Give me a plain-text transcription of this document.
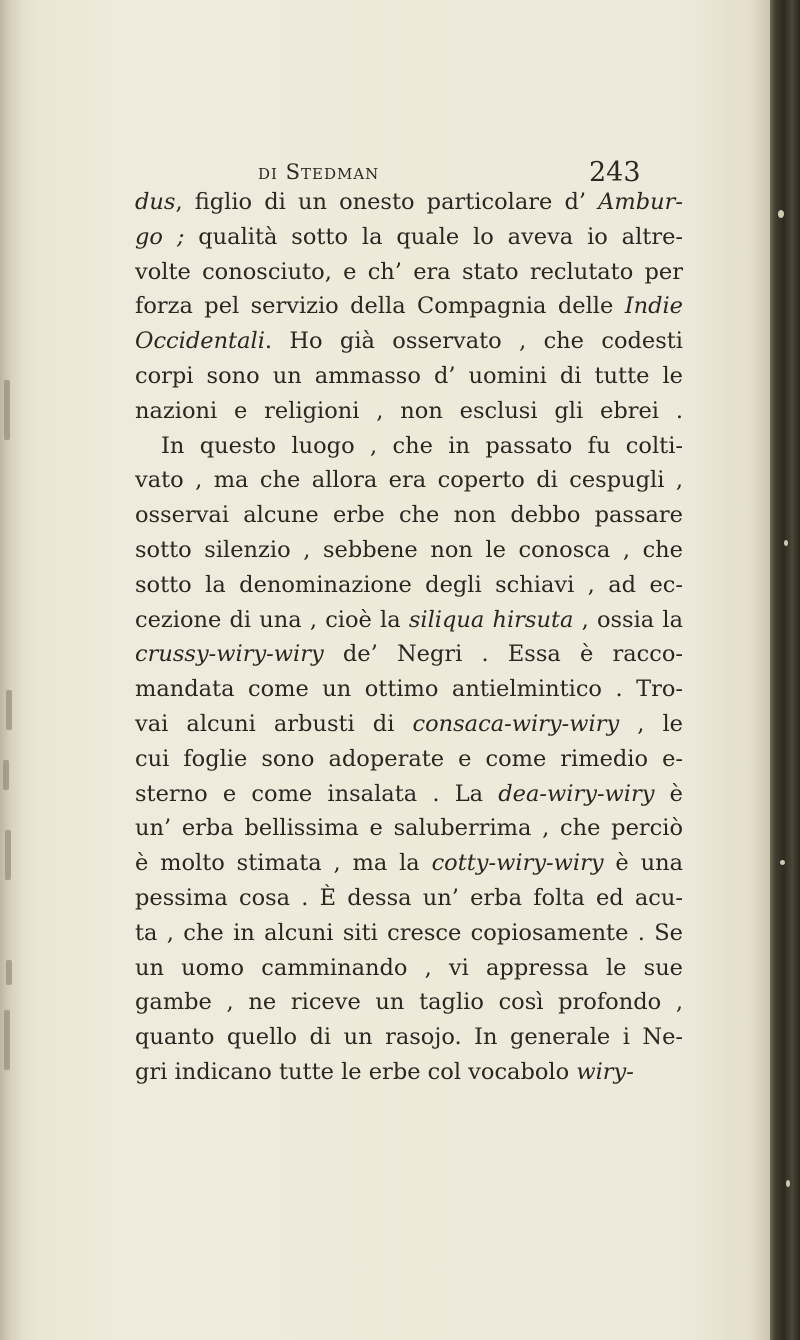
di Stedman	243
dus, figlio di un onesto particolare d’ Ambur-
go ; qualità sotto la quale lo aveva io altre-
volte conosciuto, e ch’ era stato reclutato per
forza pel servizio della Compagnia delle Indie
Occidentali. Ho già osservato , che codesti
corpi sono un ammasso d’ uomini di tutte le
nazioni e religioni , non esclusi gli ebrei .
In questo luogo , che in passato fu colti-
vato , ma che allora era coperto di cespugli ,
osservai alcune erbe che non debbo passare
sotto silenzio , sebbene non le conosca , che
sotto la denominazione degli schiavi , ad ec-
cezione di una , cioè la siliqua hirsuta , ossia la
crussy-wiry-wiry de’ Negri . Essa è racco-
mandata come un ottimo antielmintico . Tro-
vai alcuni arbusti di consaca-wiry-wiry , le
cui foglie sono adoperate e come rimedio e-
sterno e come insalata . La dea-wiry-wiry è
un’ erba bellissima e saluberrima , che perciò
è molto stimata , ma la cotty-wiry-wiry è una
pessima cosa . È dessa un’ erba folta ed acu-
ta , che in alcuni siti cresce copiosamente . Se
un uomo camminando , vi appressa le sue
gambe , ne riceve un taglio così profondo ,
quanto quello di un rasojo. In generale i Ne-
gri indicano tutte le erbe col vocabolo wiry-
